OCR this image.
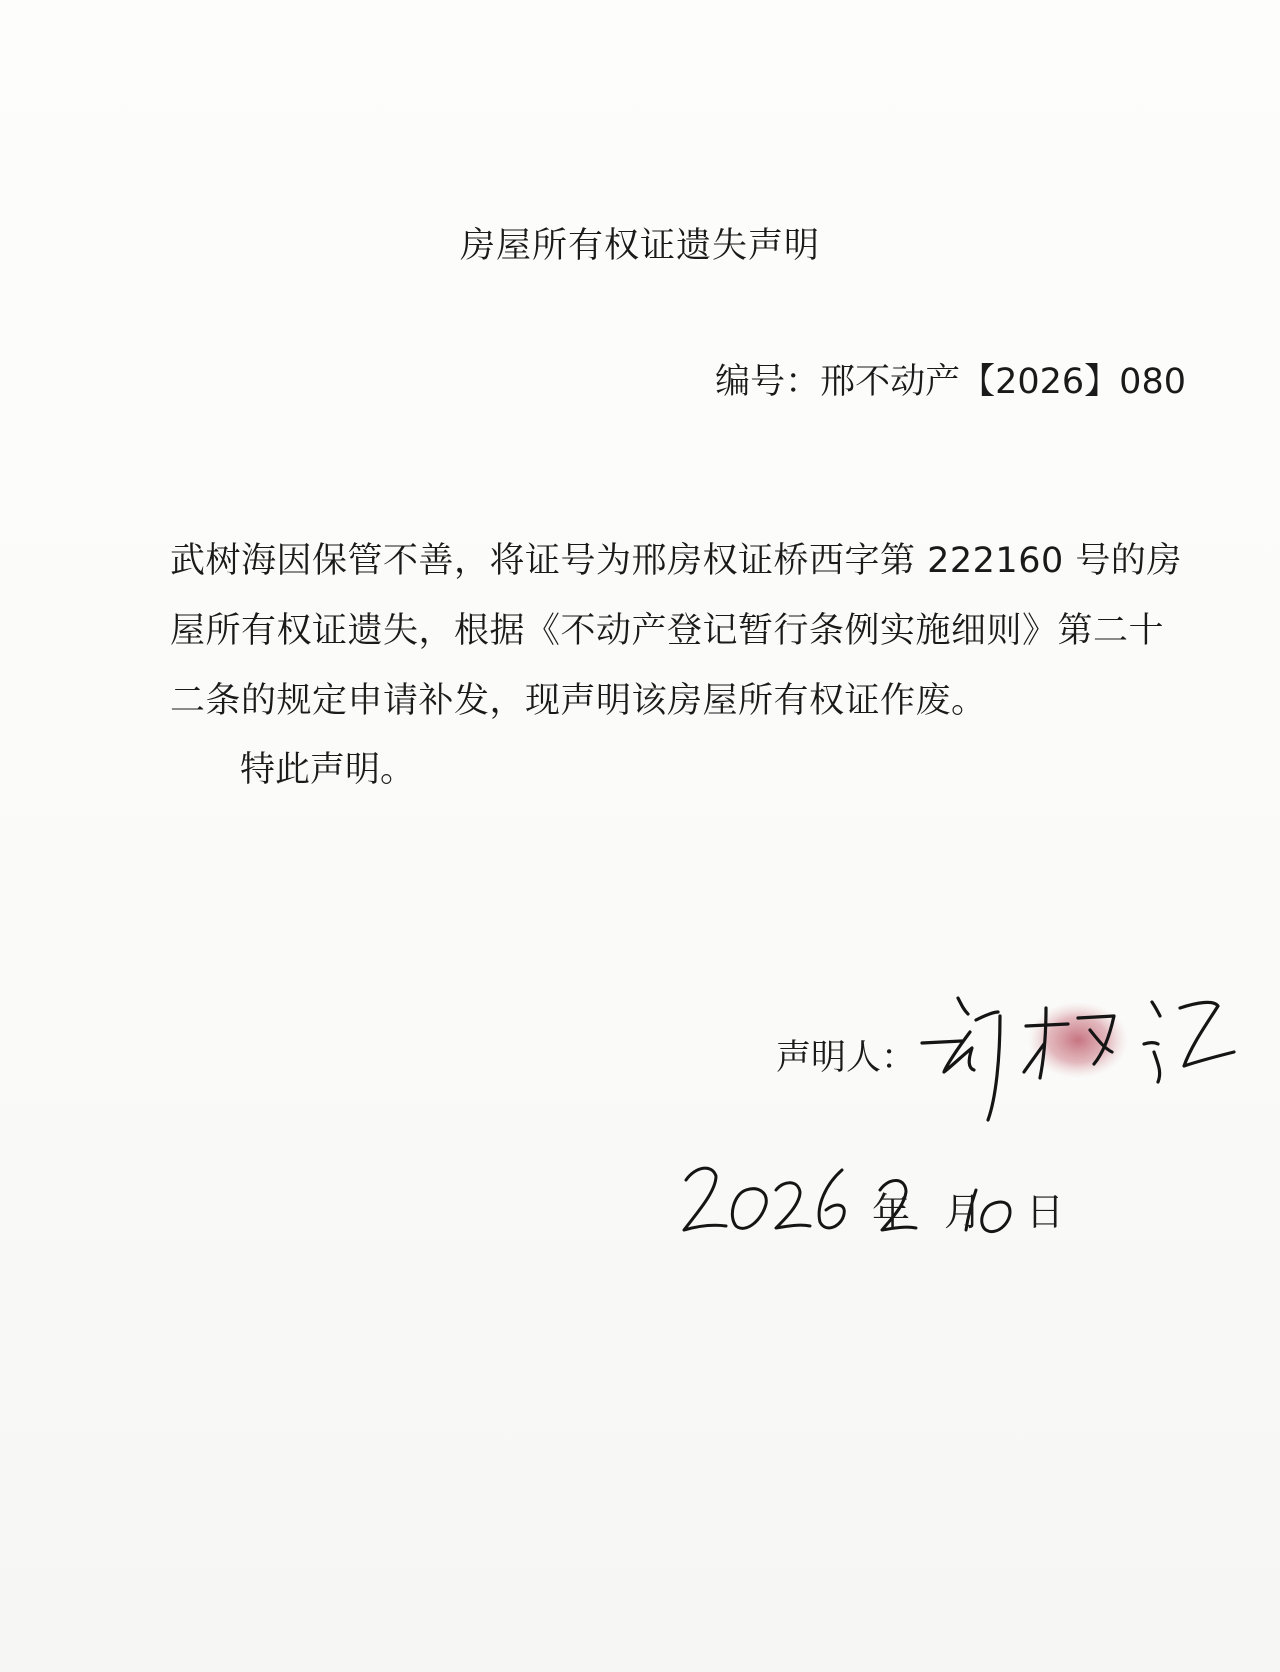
房屋所有权证遗失声明
编号：邢不动产【2026】080
武树海因保管不善，将证号为邢房权证桥西字第 222160 号的房屋所有权证遗失，根据《不动产登记暂行条例实施细则》第二十二条的规定申请补发，现声明该房屋所有权证作废。
特此声明。
声明人：
年 月 日
